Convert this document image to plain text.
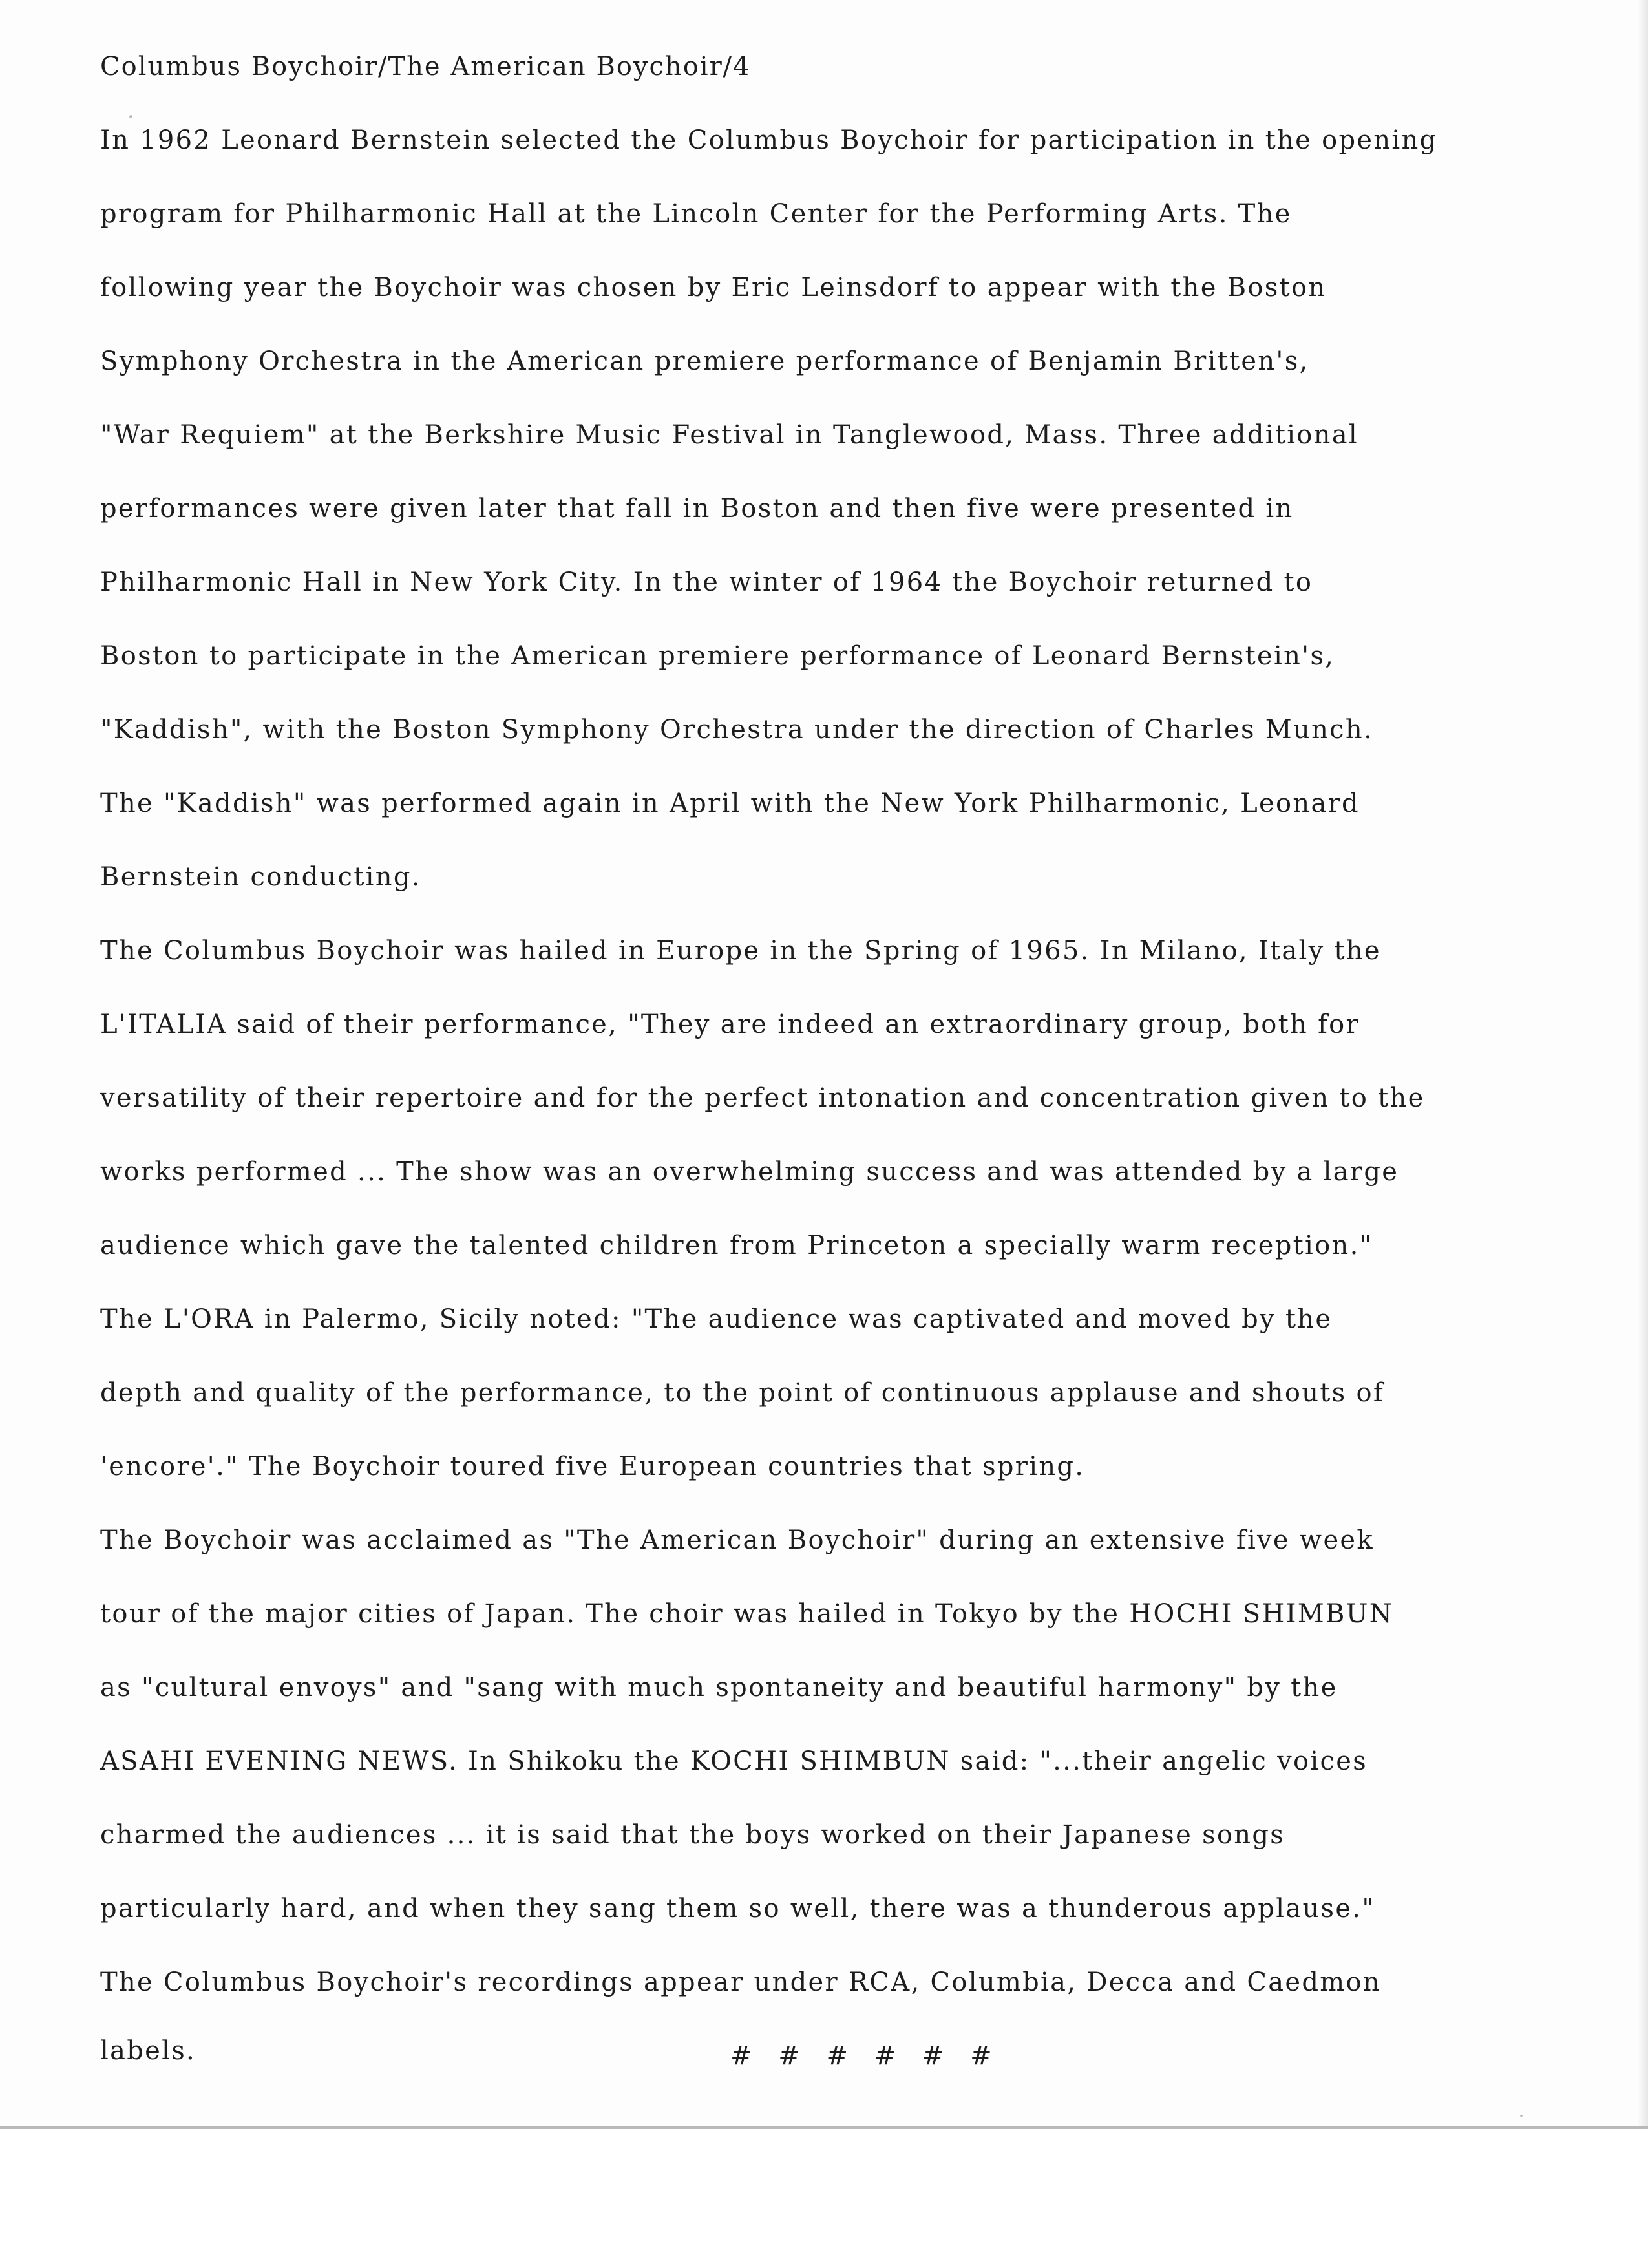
Columbus Boychoir/The American Boychoir/4
In 1962 Leonard Bernstein selected the Columbus Boychoir for participation in the opening
program for Philharmonic Hall at the Lincoln Center for the Performing Arts. The
following year the Boychoir was chosen by Eric Leinsdorf to appear with the Boston
Symphony Orchestra in the American premiere performance of Benjamin Britten's,
"War Requiem" at the Berkshire Music Festival in Tanglewood, Mass. Three additional
performances were given later that fall in Boston and then five were presented in
Philharmonic Hall in New York City. In the winter of 1964 the Boychoir returned to
Boston to participate in the American premiere performance of Leonard Bernstein's,
"Kaddish", with the Boston Symphony Orchestra under the direction of Charles Munch.
The "Kaddish" was performed again in April with the New York Philharmonic, Leonard
Bernstein conducting.
The Columbus Boychoir was hailed in Europe in the Spring of 1965. In Milano, Italy the
L'ITALIA said of their performance, "They are indeed an extraordinary group, both for
versatility of their repertoire and for the perfect intonation and concentration given to the
works performed ... The show was an overwhelming success and was attended by a large
audience which gave the talented children from Princeton a specially warm reception."
The L'ORA in Palermo, Sicily noted: "The audience was captivated and moved by the
depth and quality of the performance, to the point of continuous applause and shouts of
'encore'." The Boychoir toured five European countries that spring.
The Boychoir was acclaimed as "The American Boychoir" during an extensive five week
tour of the major cities of Japan. The choir was hailed in Tokyo by the HOCHI SHIMBUN
as "cultural envoys" and "sang with much spontaneity and beautiful harmony" by the
ASAHI EVENING NEWS. In Shikoku the KOCHI SHIMBUN said: "...their angelic voices
charmed the audiences ... it is said that the boys worked on their Japanese songs
particularly hard, and when they sang them so well, there was a thunderous applause."
The Columbus Boychoir's recordings appear under RCA, Columbia, Decca and Caedmon
labels.	# # # # # #
